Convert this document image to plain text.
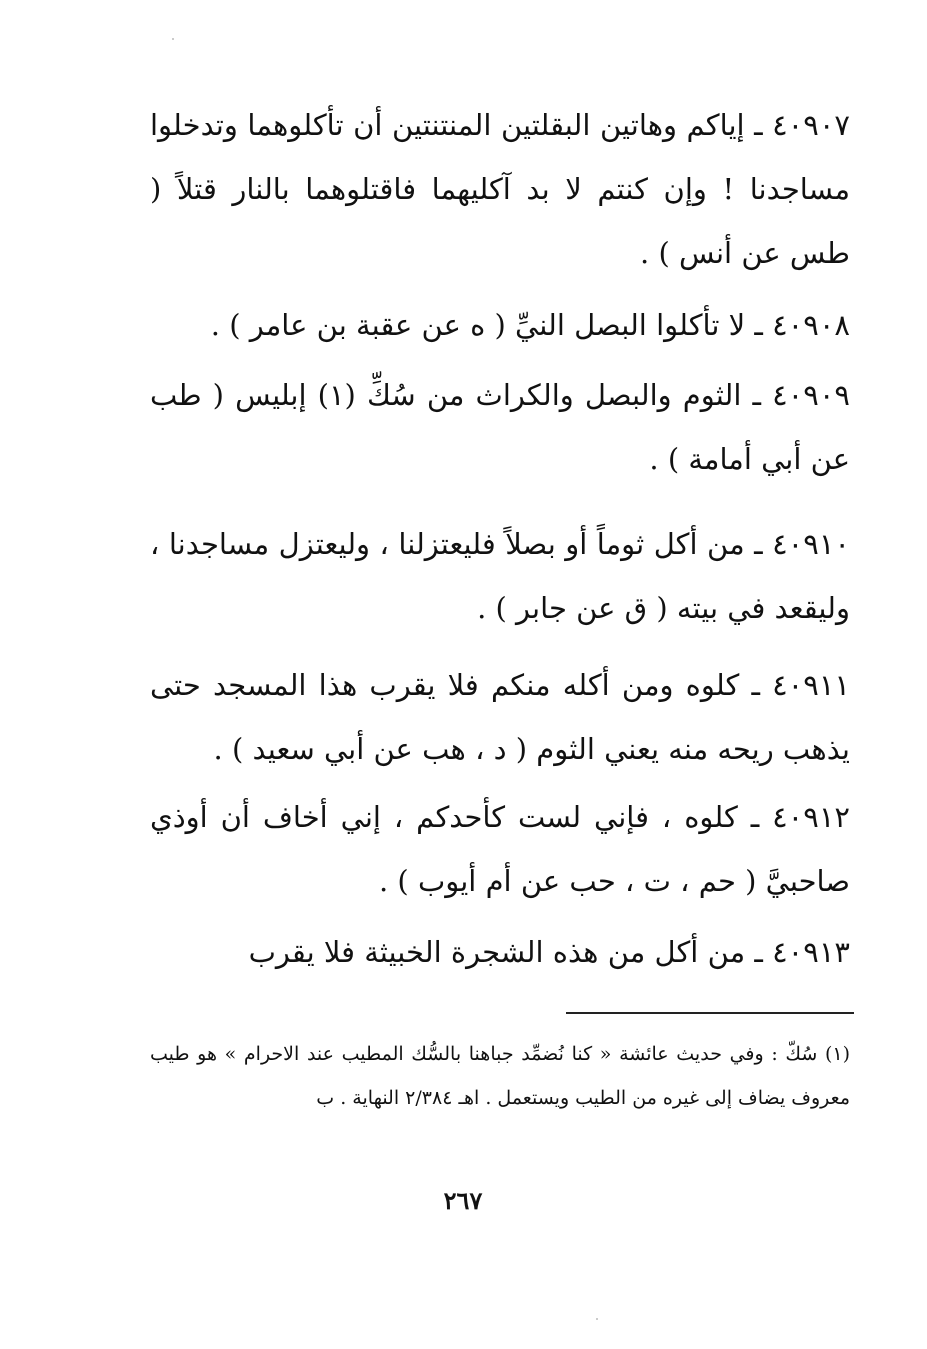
٤٠٩٠٧ ـ إياكم وهاتين البقلتين المنتنتين أن تأكلوهما وتدخلوا مساجدنا ! وإن كنتم لا بد آكليهما فاقتلوهما بالنار قتلاً ( طس عن أنس ) .
٤٠٩٠٨ ـ لا تأكلوا البصل النيِّ ( ه عن عقبة بن عامر ) .
٤٠٩٠٩ ـ الثوم والبصل والكراث من سُكِّ (١) إبليس ( طب عن أبي أمامة ) .
٤٠٩١٠ ـ من أكل ثوماً أو بصلاً فليعتزلنا ، وليعتزل مساجدنا ، وليقعد في بيته ( ق عن جابر ) .
٤٠٩١١ ـ كلوه ومن أكله منكم فلا يقرب هذا المسجد حتى يذهب ريحه منه يعني الثوم ( د ، هب عن أبي سعيد ) .
٤٠٩١٢ ـ كلوه ، فإني لست كأحدكم ، إني أخاف أن أوذي صاحبيَّ ( حم ، ت ، حب عن أم أيوب ) .
٤٠٩١٣ ـ من أكل من هذه الشجرة الخبيثة فلا يقرب
(١) سُكّ : وفي حديث عائشة « كنا نُضمِّد جباهنا بالسُّك المطيب عند الاحرام » هو طيب معروف يضاف إلى غيره من الطيب ويستعمل . اهـ ٢/٣٨٤ النهاية . ب
٢٦٧
